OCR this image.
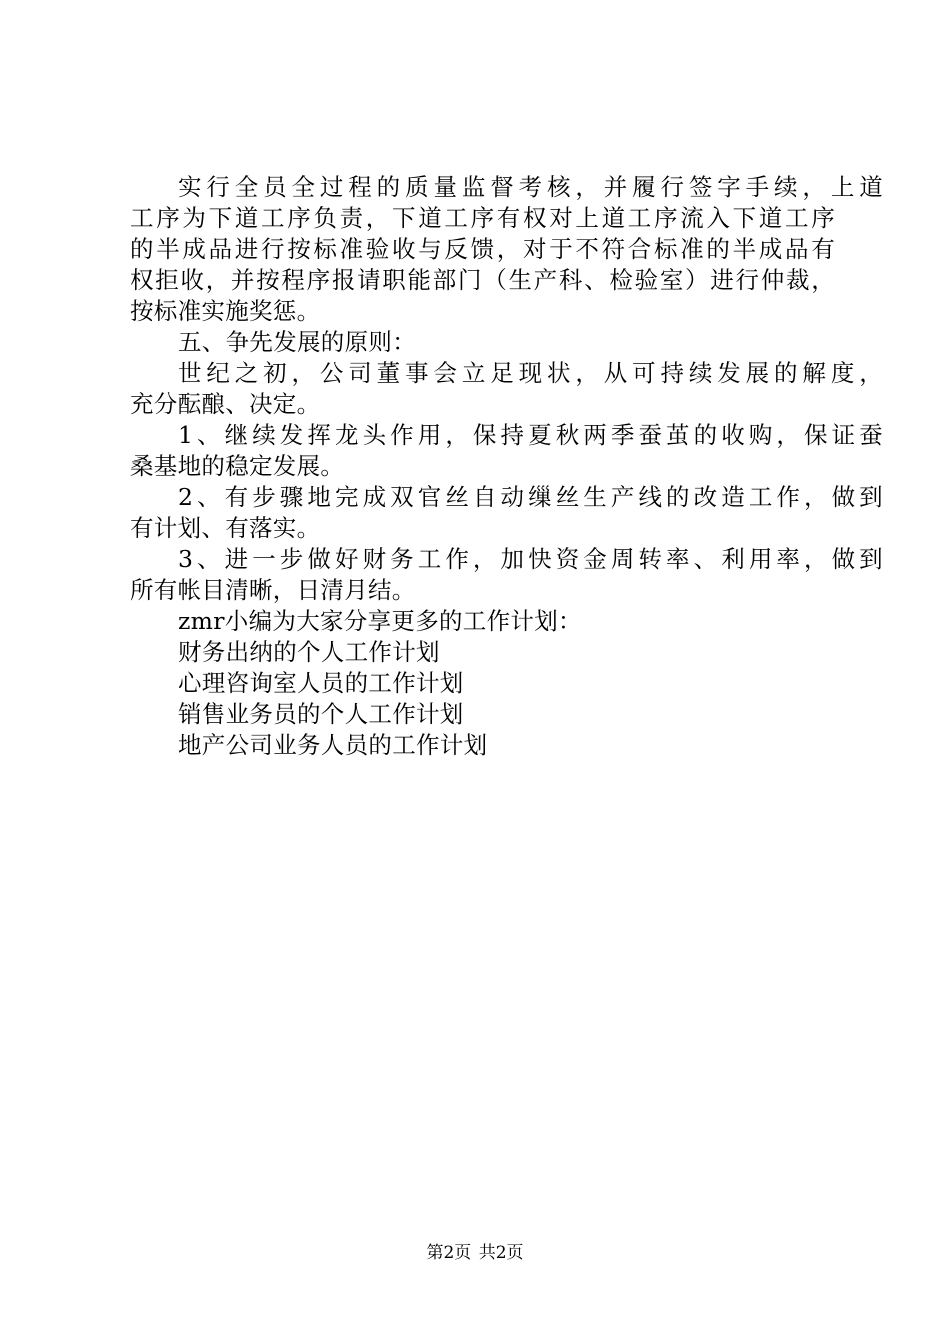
实行全员全过程的质量监督考核，并履行签字手续，上道
工序为下道工序负责，下道工序有权对上道工序流入下道工序
的半成品进行按标准验收与反馈，对于不符合标准的半成品有
权拒收，并按程序报请职能部门（生产科、检验室）进行仲裁，
按标准实施奖惩。
五、争先发展的原则：
世纪之初，公司董事会立足现状，从可持续发展的解度，
充分酝酿、决定。
1、继续发挥龙头作用，保持夏秋两季蚕茧的收购，保证蚕
桑基地的稳定发展。
2、有步骤地完成双官丝自动缫丝生产线的改造工作，做到
有计划、有落实。
3、进一步做好财务工作，加快资金周转率、利用率，做到
所有帐目清晰，日清月结。
zmr小编为大家分享更多的工作计划：
财务出纳的个人工作计划
心理咨询室人员的工作计划
销售业务员的个人工作计划
地产公司业务人员的工作计划
第2页 共2页
